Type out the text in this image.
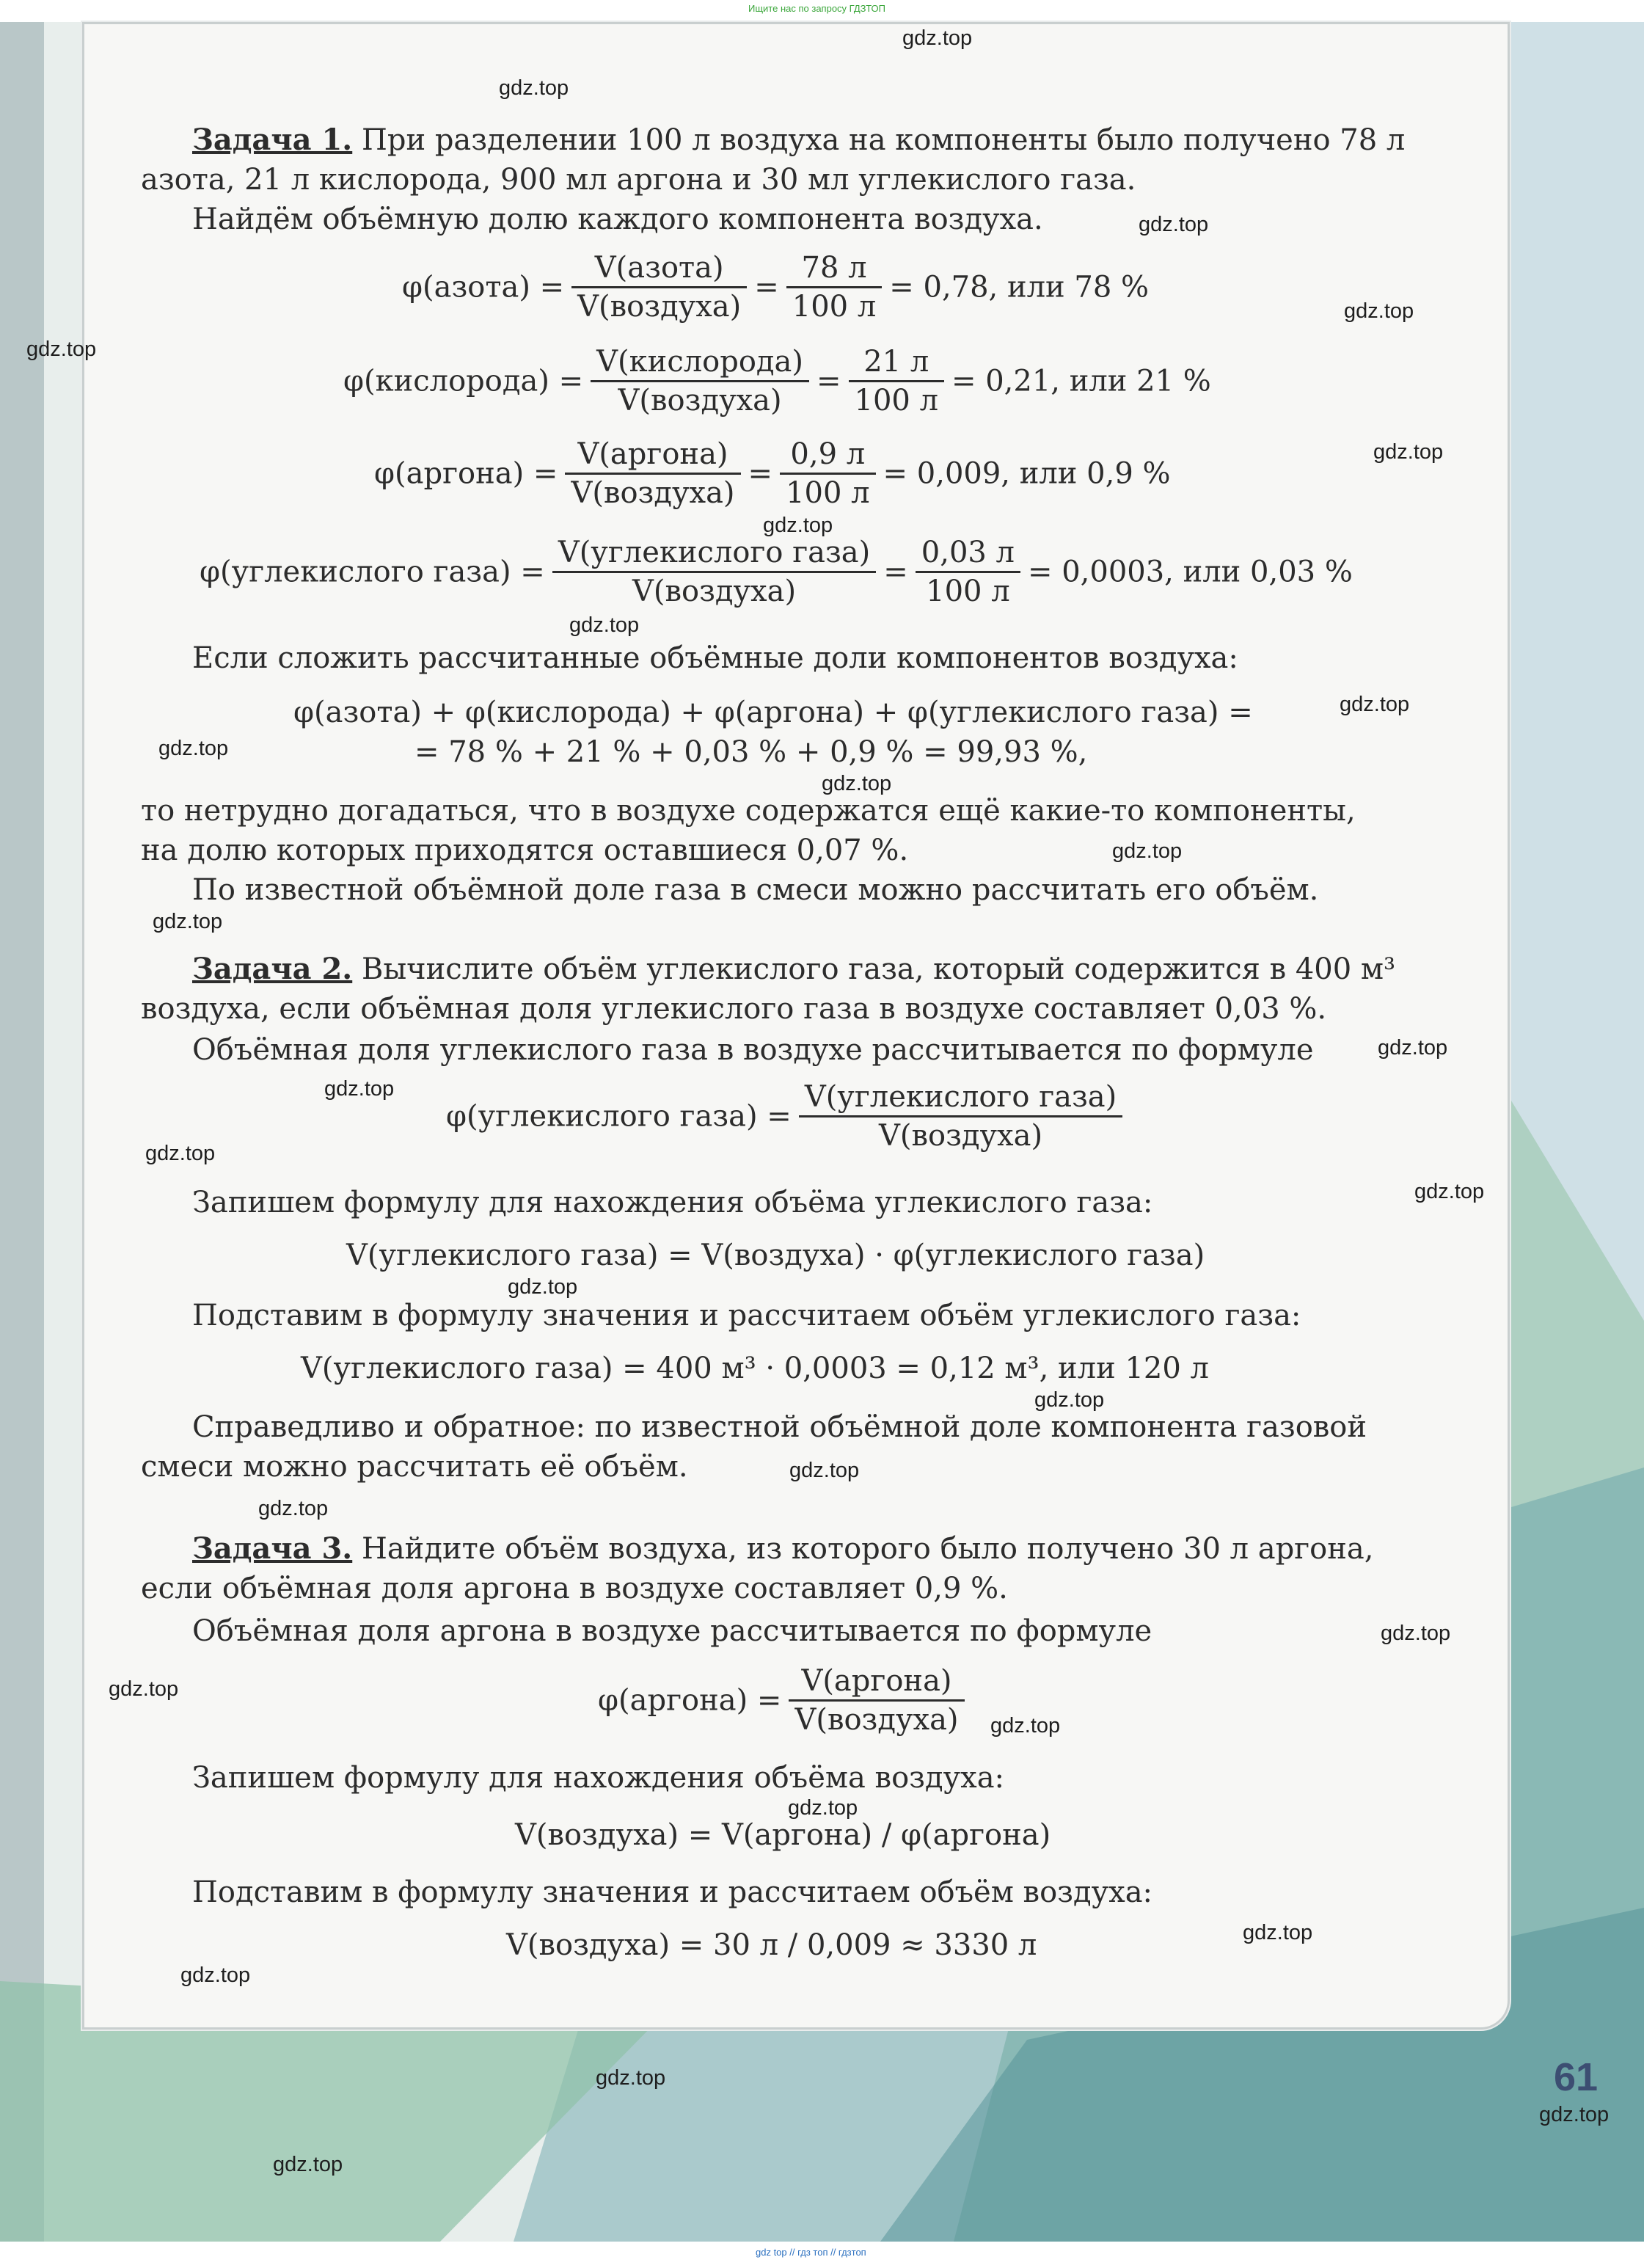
Ищите нас по запросу ГДЗТОП
Задача 1. При разделении 100 л воздуха на компоненты было получено 78 л
азота, 21 л кислорода, 900 мл аргона и 30 мл углекислого газа.
Найдём объёмную долю каждого компонента воздуха.
φ(азота) = $\frac{\text{V(азота)}}{\text{V(воздуха)}} = \frac{78 л}{100 л} = 0,78$, или 78 %
φ(кислорода) = $\frac{\text{V(кислорода)}}{\text{V(воздуха)}} = \frac{21 л}{100 л} = 0,21$, или 21 %
φ(аргона) = $\frac{\text{V(аргона)}}{\text{V(воздуха)}} = \frac{0,9 л}{100 л} = 0,009$, или 0,9 %
φ(углекислого газа) = $\frac{\text{V(углекислого газа)}}{\text{V(воздуха)}} = \frac{0,03 л}{100 л} = 0,0003$, или 0,03 %
Если сложить рассчитанные объёмные доли компонентов воздуха:
φ(азота) + φ(кислорода) + φ(аргона) + φ(углекислого газа) =
= 78 % + 21 % + 0,03 % + 0,9 % = 99,93 %,
то нетрудно догадаться, что в воздухе содержатся ещё какие-то компоненты,
на долю которых приходятся оставшиеся 0,07 %.
По известной объёмной доле газа в смеси можно рассчитать его объём.
Задача 2. Вычислите объём углекислого газа, который содержится в 400 м³
воздуха, если объёмная доля углекислого газа в воздухе составляет 0,03 %.
Объёмная доля углекислого газа в воздухе рассчитывается по формуле
φ(углекислого газа) = $\frac{\text{V(углекислого газа)}}{\text{V(воздуха)}}$
Запишем формулу для нахождения объёма углекислого газа:
V(углекислого газа) = V(воздуха) · φ(углекислого газа)
Подставим в формулу значения и рассчитаем объём углекислого газа:
V(углекислого газа) = 400 м³ · 0,0003 = 0,12 м³, или 120 л
Справедливо и обратное: по известной объёмной доле компонента газовой
смеси можно рассчитать её объём.
Задача 3. Найдите объём воздуха, из которого было получено 30 л аргона,
если объёмная доля аргона в воздухе составляет 0,9 %.
Объёмная доля аргона в воздухе рассчитывается по формуле
φ(аргона) = $\frac{\text{V(аргона)}}{\text{V(воздуха)}}$
Запишем формулу для нахождения объёма воздуха:
V(воздуха) = V(аргона) / φ(аргона)
Подставим в формулу значения и рассчитаем объём воздуха:
V(воздуха) = 30 л / 0,009 ≈ 3330 л
61
gdz.top
gdz.top
gdz.top
gdz.top
gdz.top
gdz.top
gdz.top
gdz.top
gdz.top
gdz.top
gdz.top
gdz.top
gdz.top
gdz.top
gdz.top
gdz.top
gdz.top
gdz.top
gdz.top
gdz.top
gdz.top
gdz.top
gdz.top
gdz.top
gdz.top
gdz.top
gdz.top
gdz.top
gdz.top
gdz.top
gdz top // гдз топ // гдзтоп
